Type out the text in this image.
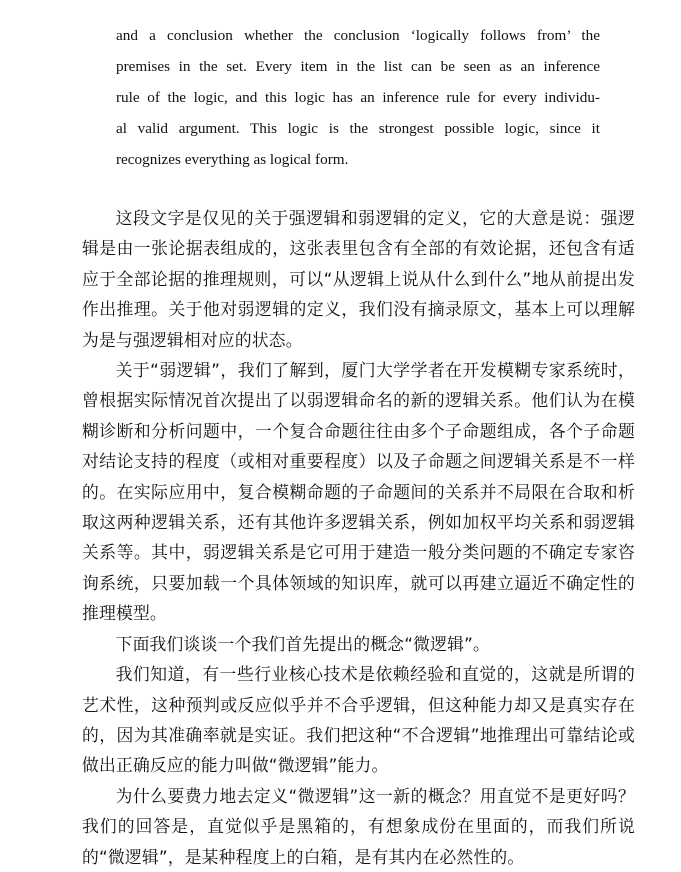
and a conclusion whether the conclusion ‘logically follows from’ the
premises in the set. Every item in the list can be seen as an inference
rule of the logic, and this logic has an inference rule for every individu-
al valid argument. This logic is the strongest possible logic, since it
recognizes everything as logical form.

这段文字是仅见的关于强逻辑和弱逻辑的定义，它的大意是说：强逻辑是由一张论据表组成的，这张表里包含有全部的有效论据，还包含有适应于全部论据的推理规则，可以“从逻辑上说从什么到什么”地从前提出发作出推理。关于他对弱逻辑的定义，我们没有摘录原文，基本上可以理解为是与强逻辑相对应的状态。

关于“弱逻辑”，我们了解到，厦门大学学者在开发模糊专家系统时，曾根据实际情况首次提出了以弱逻辑命名的新的逻辑关系。他们认为在模糊诊断和分析问题中，一个复合命题往往由多个子命题组成，各个子命题对结论支持的程度（或相对重要程度）以及子命题之间逻辑关系是不一样的。在实际应用中，复合模糊命题的子命题间的关系并不局限在合取和析取这两种逻辑关系，还有其他许多逻辑关系，例如加权平均关系和弱逻辑关系等。其中，弱逻辑关系是它可用于建造一般分类问题的不确定专家咨询系统，只要加载一个具体领域的知识库，就可以再建立逼近不确定性的推理模型。

下面我们谈谈一个我们首先提出的概念“微逻辑”。

我们知道，有一些行业核心技术是依赖经验和直觉的，这就是所谓的艺术性，这种预判或反应似乎并不合乎逻辑，但这种能力却又是真实存在的，因为其准确率就是实证。我们把这种“不合逻辑”地推理出可靠结论或做出正确反应的能力叫做“微逻辑”能力。

为什么要费力地去定义“微逻辑”这一新的概念？用直觉不是更好吗？我们的回答是，直觉似乎是黑箱的，有想象成份在里面的，而我们所说的“微逻辑”，是某种程度上的白箱，是有其内在必然性的。
